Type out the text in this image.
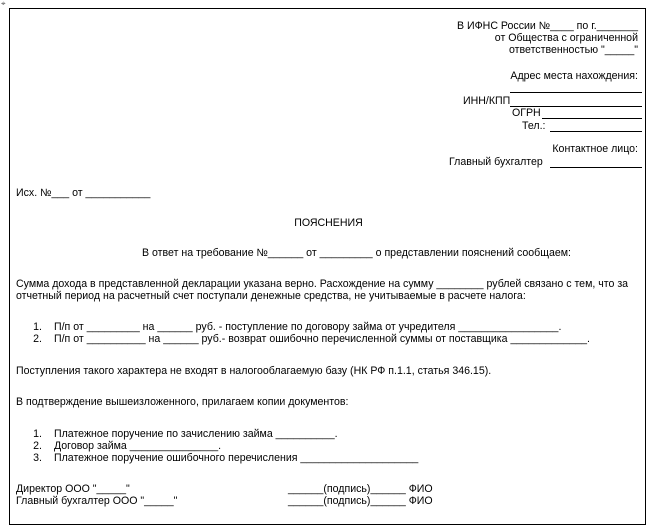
⌖
В ИФНС России №____ по г._______
от Общества с ограниченной
ответственностью "_____"
Адрес места нахождения:
ИНН/КПП
ОГРН
Тел.:
Контактное лицо:
Главный бухгалтер
Исх. №___ от ___________
ПОЯСНЕНИЯ
В ответ на требование №______ от _________ о представлении пояснений сообщаем:
Сумма дохода в представленной декларации указана верно. Расхождение на сумму ________ рублей связано с тем, что за
отчетный период на расчетный счет поступали денежные средства, не учитываемые в расчете налога:
1. П/п от _________ на ______ руб. - поступление по договору займа от учредителя _________________.
2. П/п от __________ на ______ руб.- возврат ошибочно перечисленной суммы от поставщика _____________.
Поступления такого характера не входят в налогооблагаемую базу (НК РФ п.1.1, статья 346.15).
В подтверждение вышеизложенного, прилагаем копии документов:
1. Платежное поручение по зачислению займа __________.
2. Договор займа _______________.
3. Платежное поручение ошибочного перечисления ____________________
Директор ООО "_____"	______(подпись)______ ФИО
Главный бухгалтер ООО "_____"	______(подпись)______ ФИО
